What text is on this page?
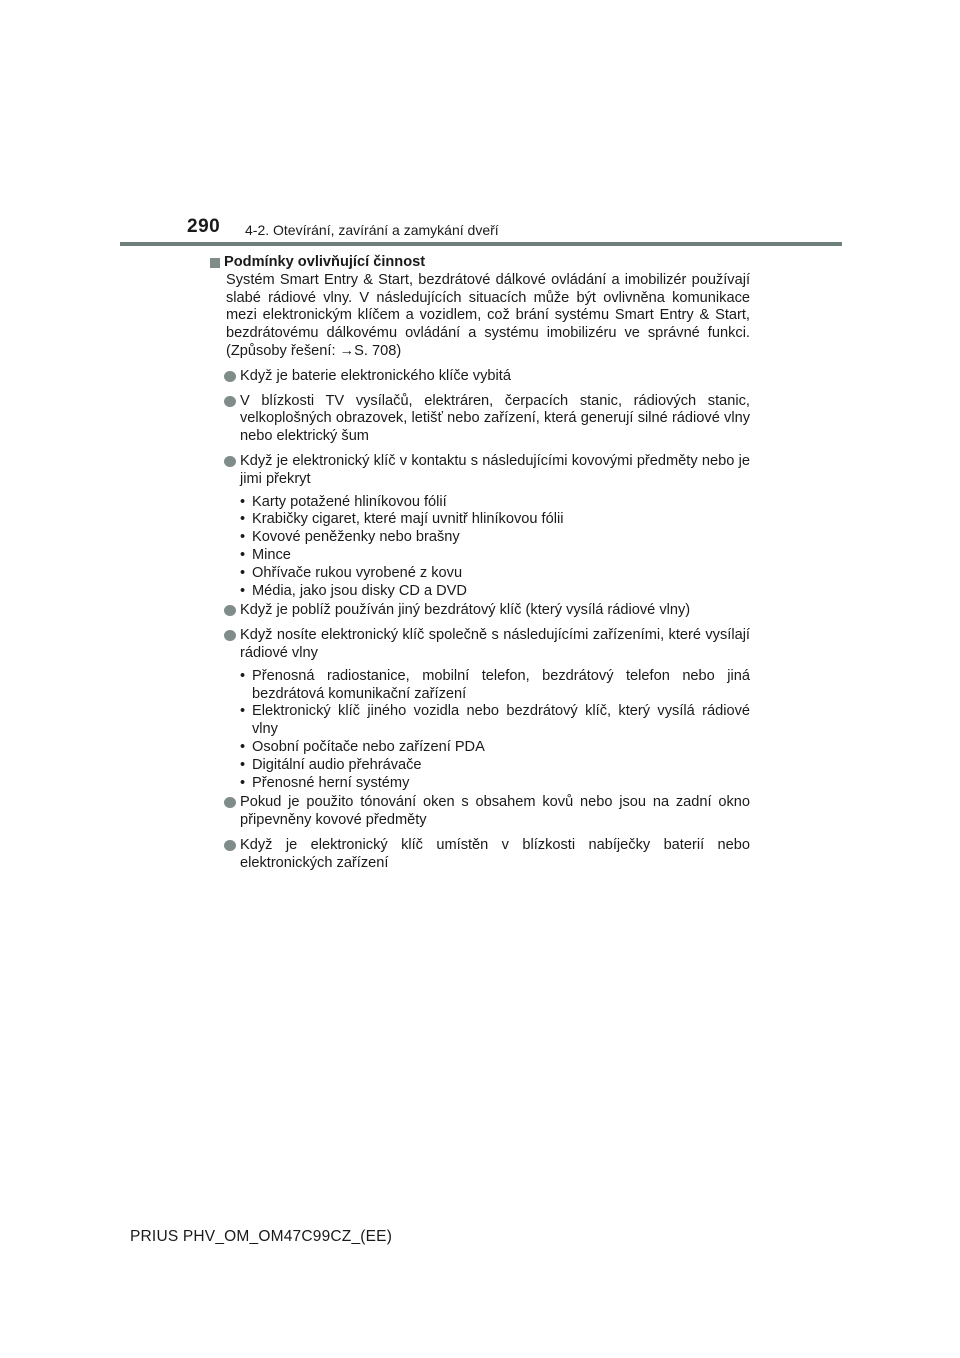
290 4-2. Otevírání, zavírání a zamykání dveří
Podmínky ovlivňující činnost
Systém Smart Entry & Start, bezdrátové dálkové ovládání a imobilizér používají slabé rádiové vlny. V následujících situacích může být ovlivněna komunikace mezi elektronickým klíčem a vozidlem, což brání systému Smart Entry & Start, bezdrátovému dálkovému ovládání a systému imobilizéru ve správné funkci. (Způsoby řešení: →S. 708)
Když je baterie elektronického klíče vybitá
V blízkosti TV vysílačů, elektráren, čerpacích stanic, rádiových stanic, velkoplošných obrazovek, letišť nebo zařízení, která generují silné rádiové vlny nebo elektrický šum
Když je elektronický klíč v kontaktu s následujícími kovovými předměty nebo je jimi překryt
• Karty potažené hliníkovou fólií
• Krabičky cigaret, které mají uvnitř hliníkovou fólii
• Kovové peněženky nebo brašny
• Mince
• Ohřívače rukou vyrobené z kovu
• Média, jako jsou disky CD a DVD
Když je poblíž používán jiný bezdrátový klíč (který vysílá rádiové vlny)
Když nosíte elektronický klíč společně s následujícími zařízeními, které vysílají rádiové vlny
• Přenosná radiostanice, mobilní telefon, bezdrátový telefon nebo jiná bezdrátová komunikační zařízení
• Elektronický klíč jiného vozidla nebo bezdrátový klíč, který vysílá rádiové vlny
• Osobní počítače nebo zařízení PDA
• Digitální audio přehrávače
• Přenosné herní systémy
Pokud je použito tónování oken s obsahem kovů nebo jsou na zadní okno připevněny kovové předměty
Když je elektronický klíč umístěn v blízkosti nabíječky baterií nebo elektronických zařízení
PRIUS PHV_OM_OM47C99CZ_(EE)
